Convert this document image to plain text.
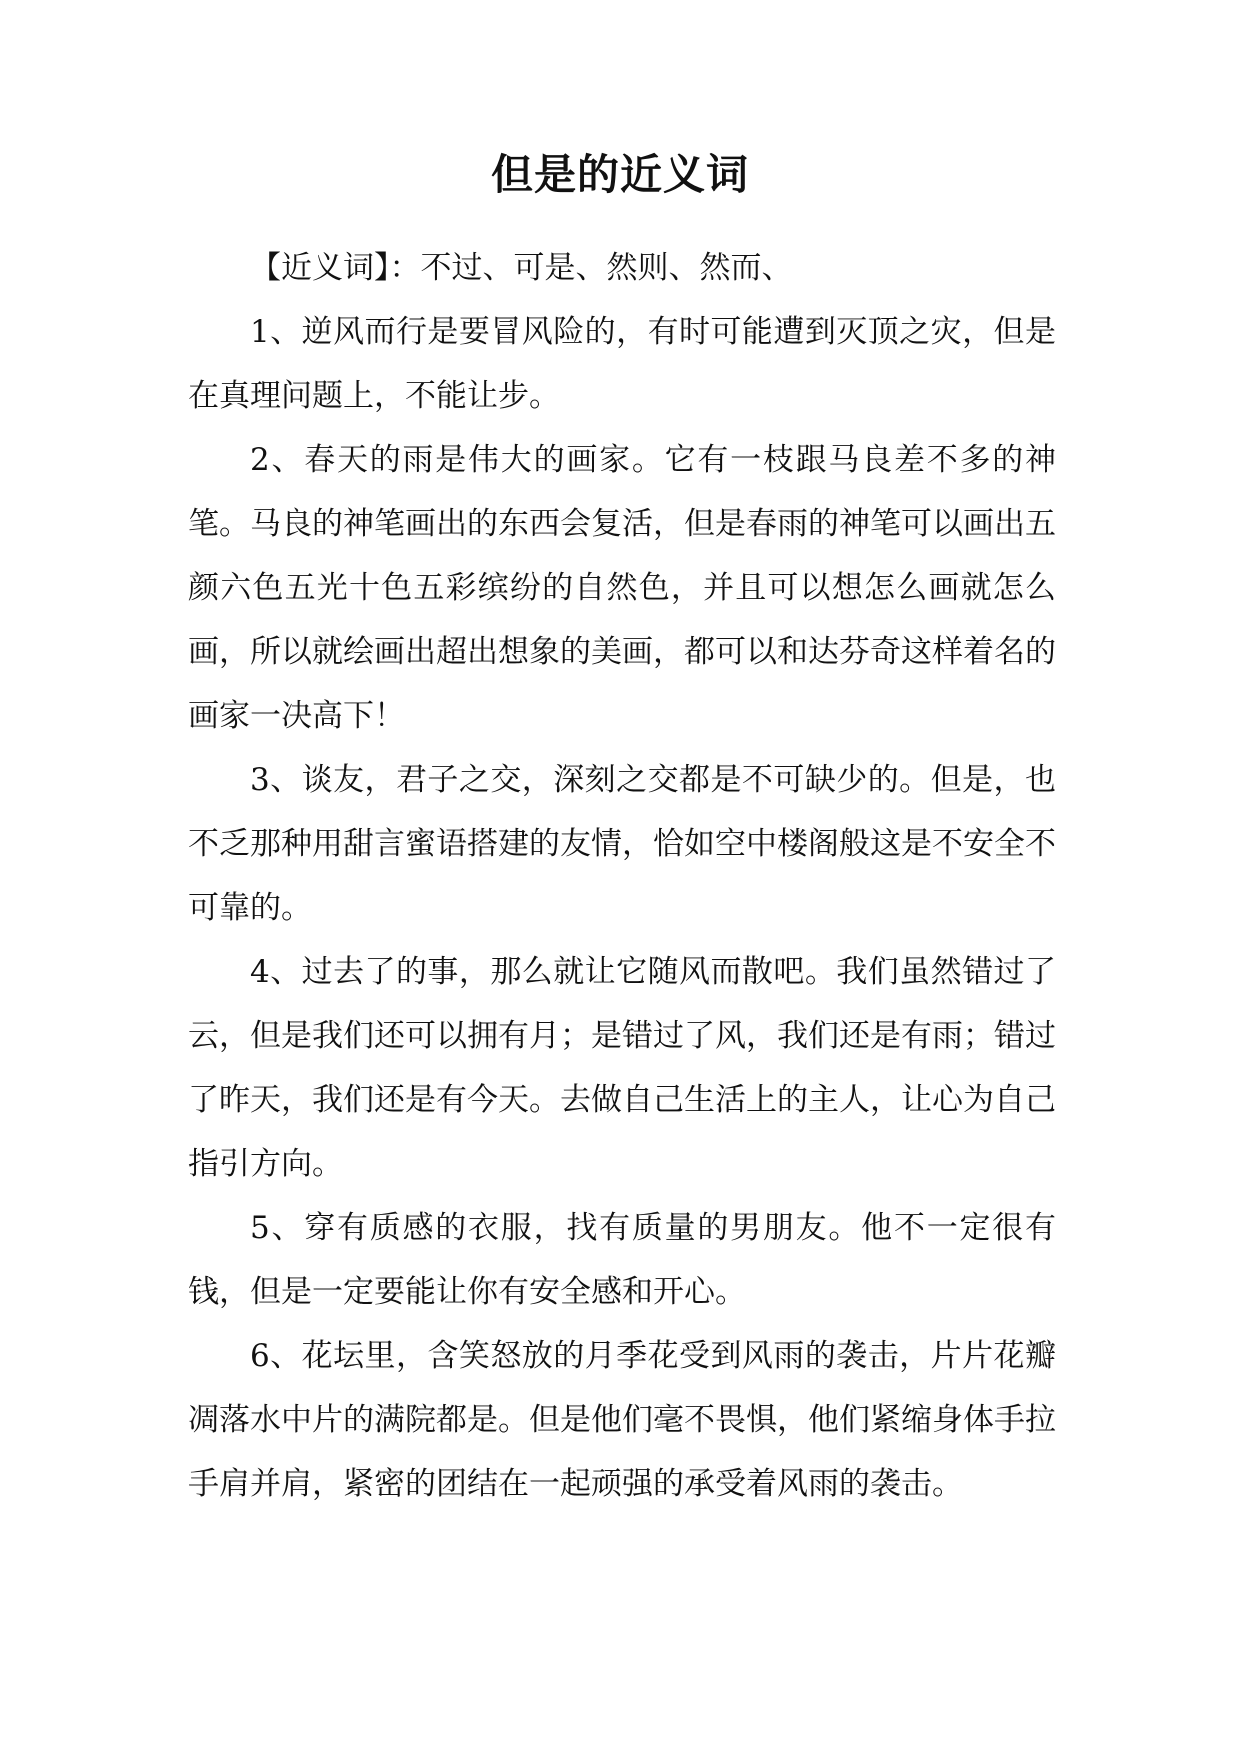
但是的近义词

【近义词】：不过、可是、然则、然而、

1、逆风而行是要冒风险的，有时可能遭到灭顶之灾，但是在真理问题上，不能让步。

2、春天的雨是伟大的画家。它有一枝跟马良差不多的神笔。马良的神笔画出的东西会复活，但是春雨的神笔可以画出五颜六色五光十色五彩缤纷的自然色，并且可以想怎么画就怎么画，所以就绘画出超出想象的美画，都可以和达芬奇这样着名的画家一决高下！

3、谈友，君子之交，深刻之交都是不可缺少的。但是，也不乏那种用甜言蜜语搭建的友情，恰如空中楼阁般这是不安全不可靠的。

4、过去了的事，那么就让它随风而散吧。我们虽然错过了云，但是我们还可以拥有月；是错过了风，我们还是有雨；错过了昨天，我们还是有今天。去做自己生活上的主人，让心为自己指引方向。

5、穿有质感的衣服，找有质量的男朋友。他不一定很有钱，但是一定要能让你有安全感和开心。

6、花坛里，含笑怒放的月季花受到风雨的袭击，片片花瓣凋落水中片的满院都是。但是他们毫不畏惧，他们紧缩身体手拉手肩并肩，紧密的团结在一起顽强的承受着风雨的袭击。
